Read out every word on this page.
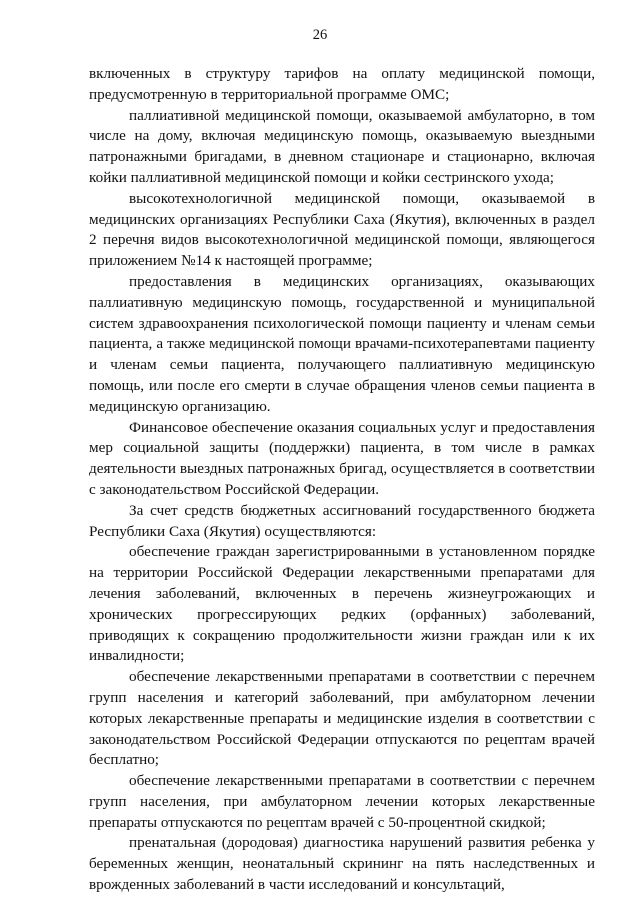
26

включенных в структуру тарифов на оплату медицинской помощи, предусмотренную в территориальной программе ОМС;

паллиативной медицинской помощи, оказываемой амбулаторно, в том числе на дому, включая медицинскую помощь, оказываемую выездными патронажными бригадами, в дневном стационаре и стационарно, включая койки паллиативной медицинской помощи и койки сестринского ухода;

высокотехнологичной медицинской помощи, оказываемой в медицинских организациях Республики Саха (Якутия), включенных в раздел 2 перечня видов высокотехнологичной медицинской помощи, являющегося приложением №14 к настоящей программе;

предоставления в медицинских организациях, оказывающих паллиативную медицинскую помощь, государственной и муниципальной систем здравоохранения психологической помощи пациенту и членам семьи пациента, а также медицинской помощи врачами-психотерапевтами пациенту и членам семьи пациента, получающего паллиативную медицинскую помощь, или после его смерти в случае обращения членов семьи пациента в медицинскую организацию.

Финансовое обеспечение оказания социальных услуг и предоставления мер социальной защиты (поддержки) пациента, в том числе в рамках деятельности выездных патронажных бригад, осуществляется в соответствии с законодательством Российской Федерации.

За счет средств бюджетных ассигнований государственного бюджета Республики Саха (Якутия) осуществляются:

обеспечение граждан зарегистрированными в установленном порядке на территории Российской Федерации лекарственными препаратами для лечения заболеваний, включенных в перечень жизнеугрожающих и хронических прогрессирующих редких (орфанных) заболеваний, приводящих к сокращению продолжительности жизни граждан или к их инвалидности;

обеспечение лекарственными препаратами в соответствии с перечнем групп населения и категорий заболеваний, при амбулаторном лечении которых лекарственные препараты и медицинские изделия в соответствии с законодательством Российской Федерации отпускаются по рецептам врачей бесплатно;

обеспечение лекарственными препаратами в соответствии с перечнем групп населения, при амбулаторном лечении которых лекарственные препараты отпускаются по рецептам врачей с 50-процентной скидкой;

пренатальная (дородовая) диагностика нарушений развития ребенка у беременных женщин, неонатальный скрининг на пять наследственных и врожденных заболеваний в части исследований и консультаций,
